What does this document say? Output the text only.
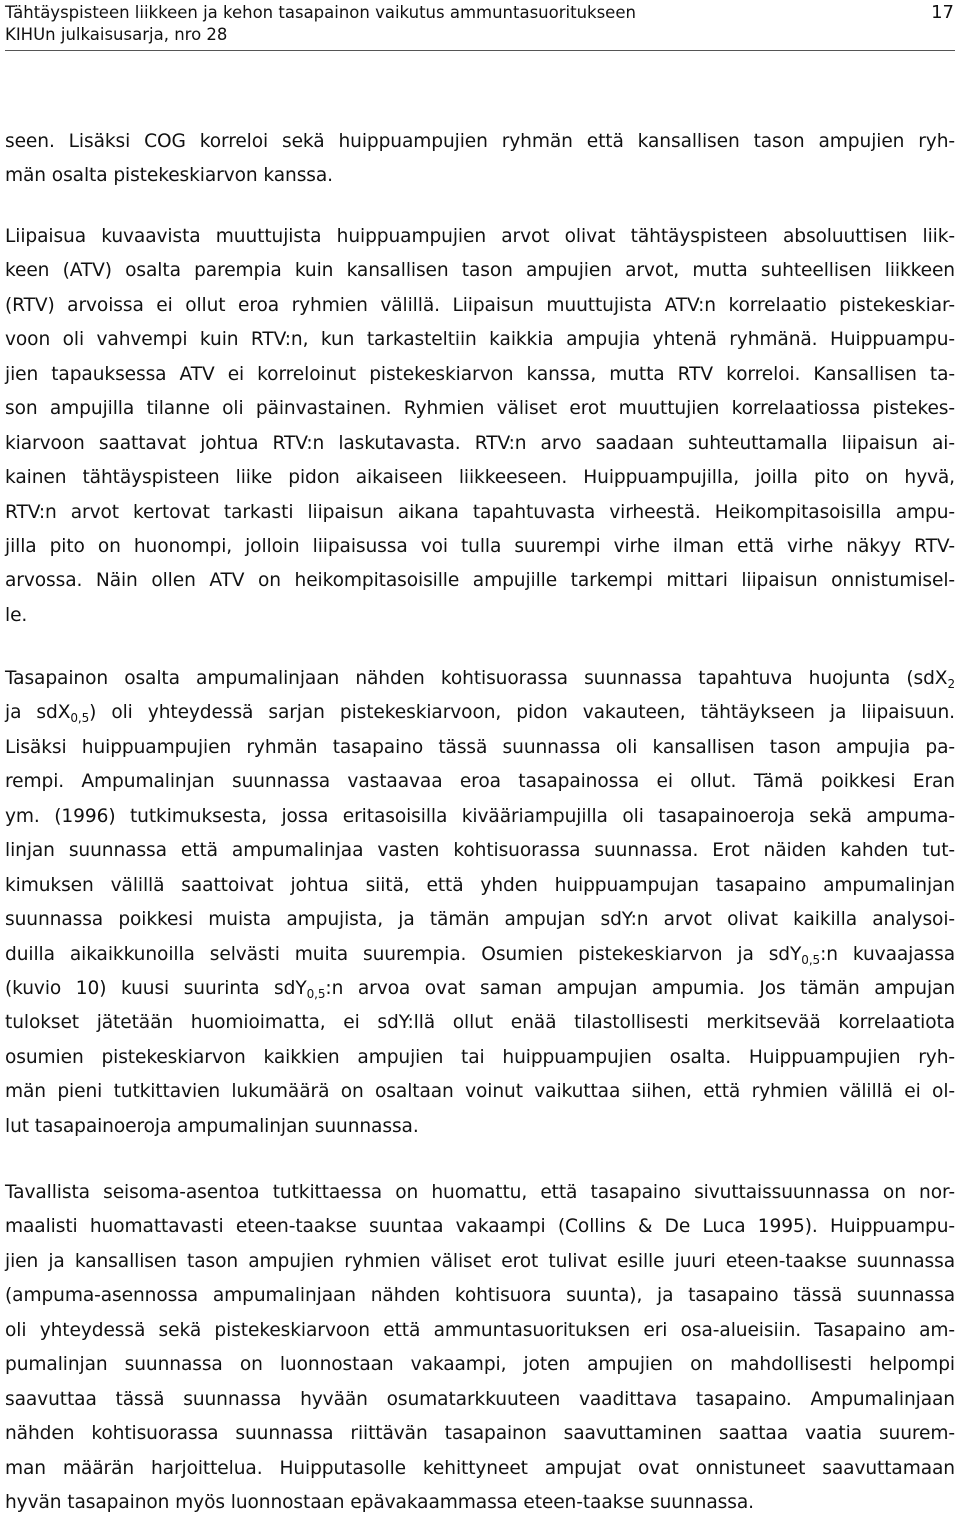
Tähtäyspisteen liikkeen ja kehon tasapainon vaikutus ammuntasuoritukseen
KIHUn julkaisusarja, nro 28
17
seen. Lisäksi COG korreloi sekä huippuampujien ryhmän että kansallisen tason ampujien ryh-
män osalta pistekeskiarvon kanssa.
Liipaisua kuvaavista muuttujista huippuampujien arvot olivat tähtäyspisteen absoluuttisen liik-
keen (ATV) osalta parempia kuin kansallisen tason ampujien arvot, mutta suhteellisen liikkeen
(RTV) arvoissa ei ollut eroa ryhmien välillä. Liipaisun muuttujista ATV:n korrelaatio pistekeskiar-
voon oli vahvempi kuin RTV:n, kun tarkasteltiin kaikkia ampujia yhtenä ryhmänä. Huippuampu-
jien tapauksessa ATV ei korreloinut pistekeskiarvon kanssa, mutta RTV korreloi. Kansallisen ta-
son ampujilla tilanne oli päinvastainen. Ryhmien väliset erot muuttujien korrelaatiossa pistekes-
kiarvoon saattavat johtua RTV:n laskutavasta. RTV:n arvo saadaan suhteuttamalla liipaisun ai-
kainen tähtäyspisteen liike pidon aikaiseen liikkeeseen. Huippuampujilla, joilla pito on hyvä,
RTV:n arvot kertovat tarkasti liipaisun aikana tapahtuvasta virheestä. Heikompitasoisilla ampu-
jilla pito on huonompi, jolloin liipaisussa voi tulla suurempi virhe ilman että virhe näkyy RTV-
arvossa. Näin ollen ATV on heikompitasoisille ampujille tarkempi mittari liipaisun onnistumisel-
le.
Tasapainon osalta ampumalinjaan nähden kohtisuorassa suunnassa tapahtuva huojunta (sdX$_2$
ja sdX$_{0,5}$) oli yhteydessä sarjan pistekeskiarvoon, pidon vakauteen, tähtäykseen ja liipaisuun.
Lisäksi huippuampujien ryhmän tasapaino tässä suunnassa oli kansallisen tason ampujia pa-
rempi. Ampumalinjan suunnassa vastaavaa eroa tasapainossa ei ollut. Tämä poikkesi Eran
ym. (1996) tutkimuksesta, jossa eritasoisilla kivääriampujilla oli tasapainoeroja sekä ampuma-
linjan suunnassa että ampumalinjaa vasten kohtisuorassa suunnassa. Erot näiden kahden tut-
kimuksen välillä saattoivat johtua siitä, että yhden huippuampujan tasapaino ampumalinjan
suunnassa poikkesi muista ampujista, ja tämän ampujan sdY:n arvot olivat kaikilla analysoi-
duilla aikaikkunoilla selvästi muita suurempia. Osumien pistekeskiarvon ja sdY$_{0,5}$:n kuvaajassa
(kuvio 10) kuusi suurinta sdY$_{0,5}$:n arvoa ovat saman ampujan ampumia. Jos tämän ampujan
tulokset jätetään huomioimatta, ei sdY:llä ollut enää tilastollisesti merkitsevää korrelaatiota
osumien pistekeskiarvon kaikkien ampujien tai huippuampujien osalta. Huippuampujien ryh-
män pieni tutkittavien lukumäärä on osaltaan voinut vaikuttaa siihen, että ryhmien välillä ei ol-
lut tasapainoeroja ampumalinjan suunnassa.
Tavallista seisoma-asentoa tutkittaessa on huomattu, että tasapaino sivuttaissuunnassa on nor-
maalisti huomattavasti eteen-taakse suuntaa vakaampi (Collins & De Luca 1995). Huippuampu-
jien ja kansallisen tason ampujien ryhmien väliset erot tulivat esille juuri eteen-taakse suunnassa
(ampuma-asennossa ampumalinjaan nähden kohtisuora suunta), ja tasapaino tässä suunnassa
oli yhteydessä sekä pistekeskiarvoon että ammuntasuorituksen eri osa-alueisiin. Tasapaino am-
pumalinjan suunnassa on luonnostaan vakaampi, joten ampujien on mahdollisesti helpompi
saavuttaa tässä suunnassa hyvään osumatarkkuuteen vaadittava tasapaino. Ampumalinjaan
nähden kohtisuorassa suunnassa riittävän tasapainon saavuttaminen saattaa vaatia suurem-
man määrän harjoittelua. Huipputasolle kehittyneet ampujat ovat onnistuneet saavuttamaan
hyvän tasapainon myös luonnostaan epävakaammassa eteen-taakse suunnassa.
